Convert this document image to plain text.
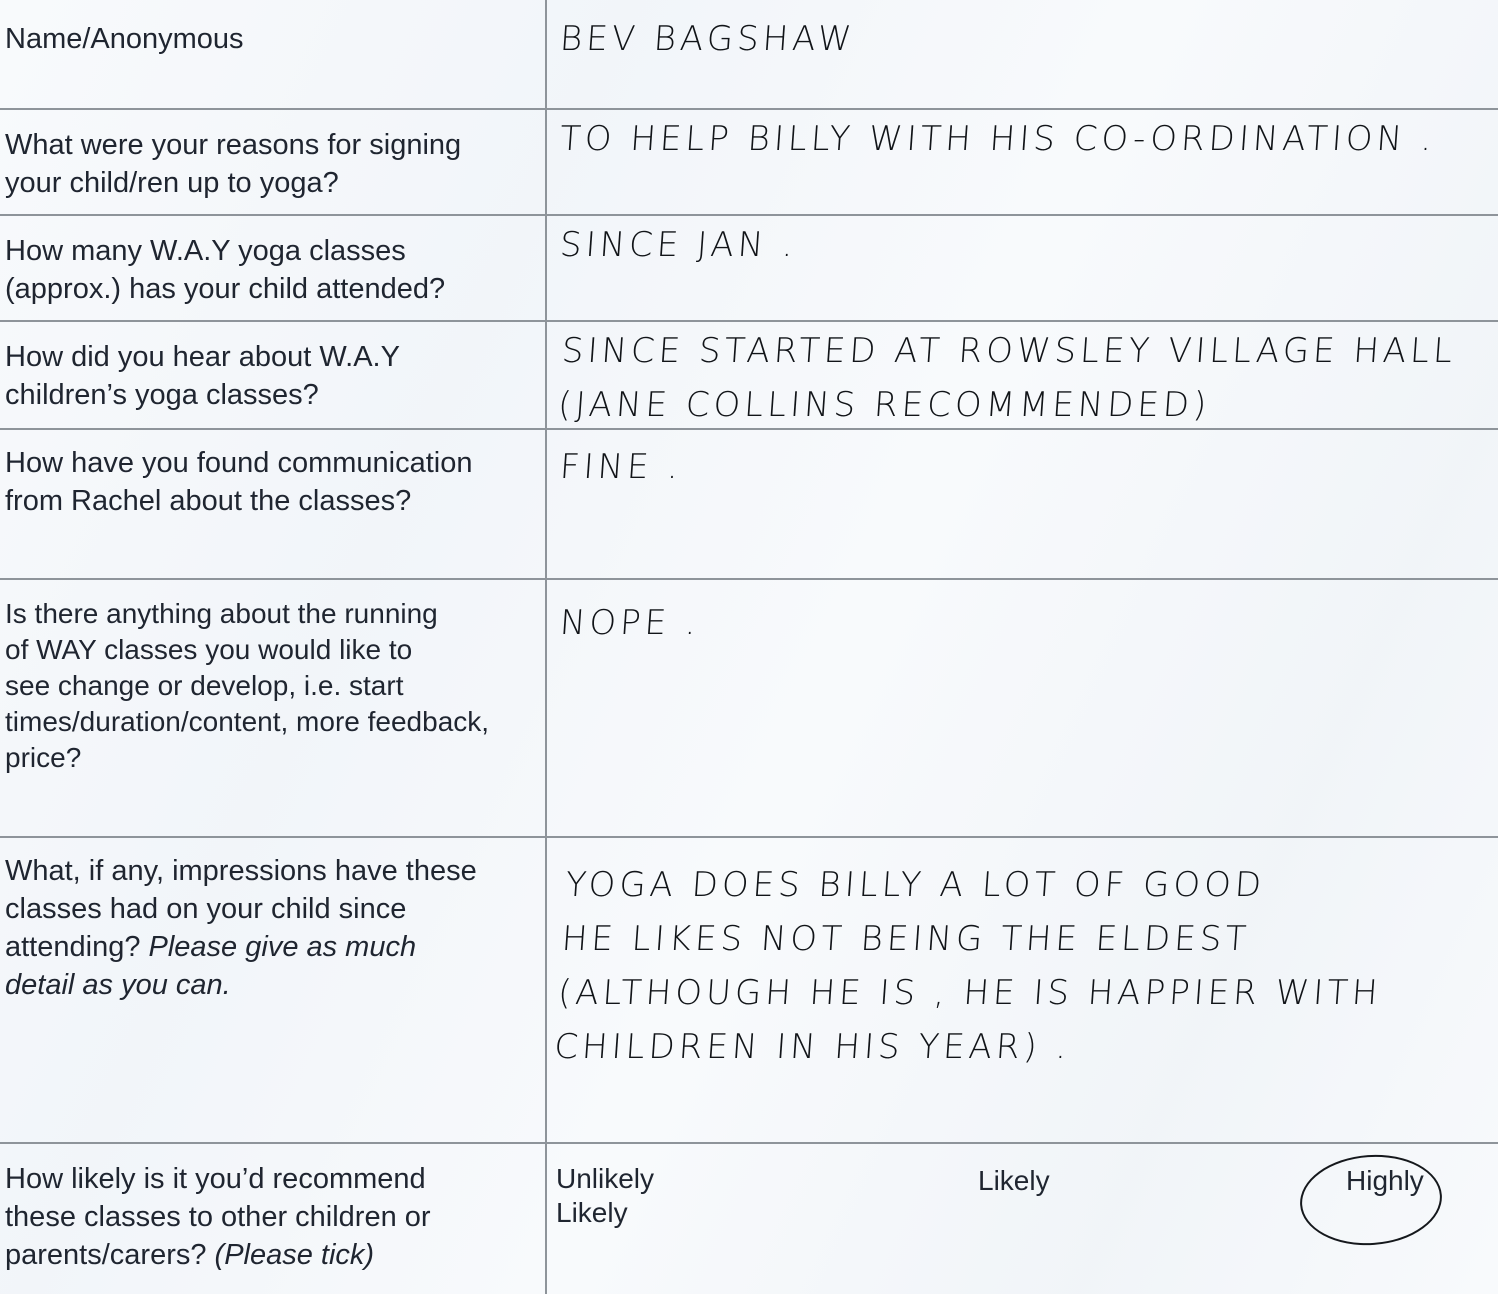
Name/Anonymous	BEV BAGSHAW
What were your reasons for signing
your child/ren up to yoga?
TO HELP BILLY WITH HIS CO-ORDINATION .
How many W.A.Y yoga classes
(approx.) has your child attended?
SINCE JAN .
How did you hear about W.A.Y
children’s yoga classes?
SINCE STARTED AT ROWSLEY VILLAGE HALL
(JANE COLLINS RECOMMENDED)
How have you found communication
from Rachel about the classes?
FINE .
Is there anything about the running
of WAY classes you would like to
see change or develop, i.e. start
times/duration/content, more feedback,
price?
NOPE .
What, if any, impressions have these
classes had on your child since
attending? Please give as much
detail as you can.
YOGA DOES BILLY A LOT OF GOOD
HE LIKES NOT BEING THE ELDEST
(ALTHOUGH HE IS , HE IS HAPPIER WITH
CHILDREN IN HIS YEAR) .
How likely is it you’d recommend
these classes to other children or
parents/carers? (Please tick)
Unlikely
Likely
Likely	Highly
